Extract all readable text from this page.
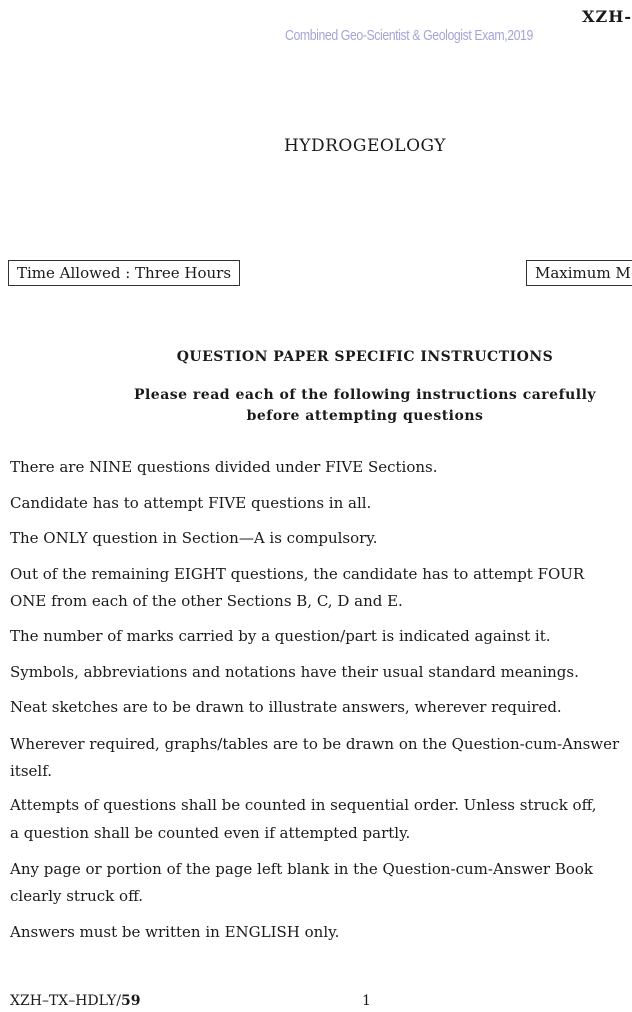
XZH-
Combined Geo-Scientist & Geologist Exam,2019
HYDROGEOLOGY
Time Allowed : Three Hours	Maximum M
QUESTION PAPER SPECIFIC INSTRUCTIONS
Please read each of the following instructions carefully
before attempting questions
There are NINE questions divided under FIVE Sections.
Candidate has to attempt FIVE questions in all.
The ONLY question in Section—A is compulsory.
Out of the remaining EIGHT questions, the candidate has to attempt FOUR
ONE from each of the other Sections B, C, D and E.
The number of marks carried by a question/part is indicated against it.
Symbols, abbreviations and notations have their usual standard meanings.
Neat sketches are to be drawn to illustrate answers, wherever required.
Wherever required, graphs/tables are to be drawn on the Question-cum-Answer
itself.
Attempts of questions shall be counted in sequential order. Unless struck off,
a question shall be counted even if attempted partly.
Any page or portion of the page left blank in the Question-cum-Answer Book
clearly struck off.
Answers must be written in ENGLISH only.
XZH–TX–HDLY/59	1
